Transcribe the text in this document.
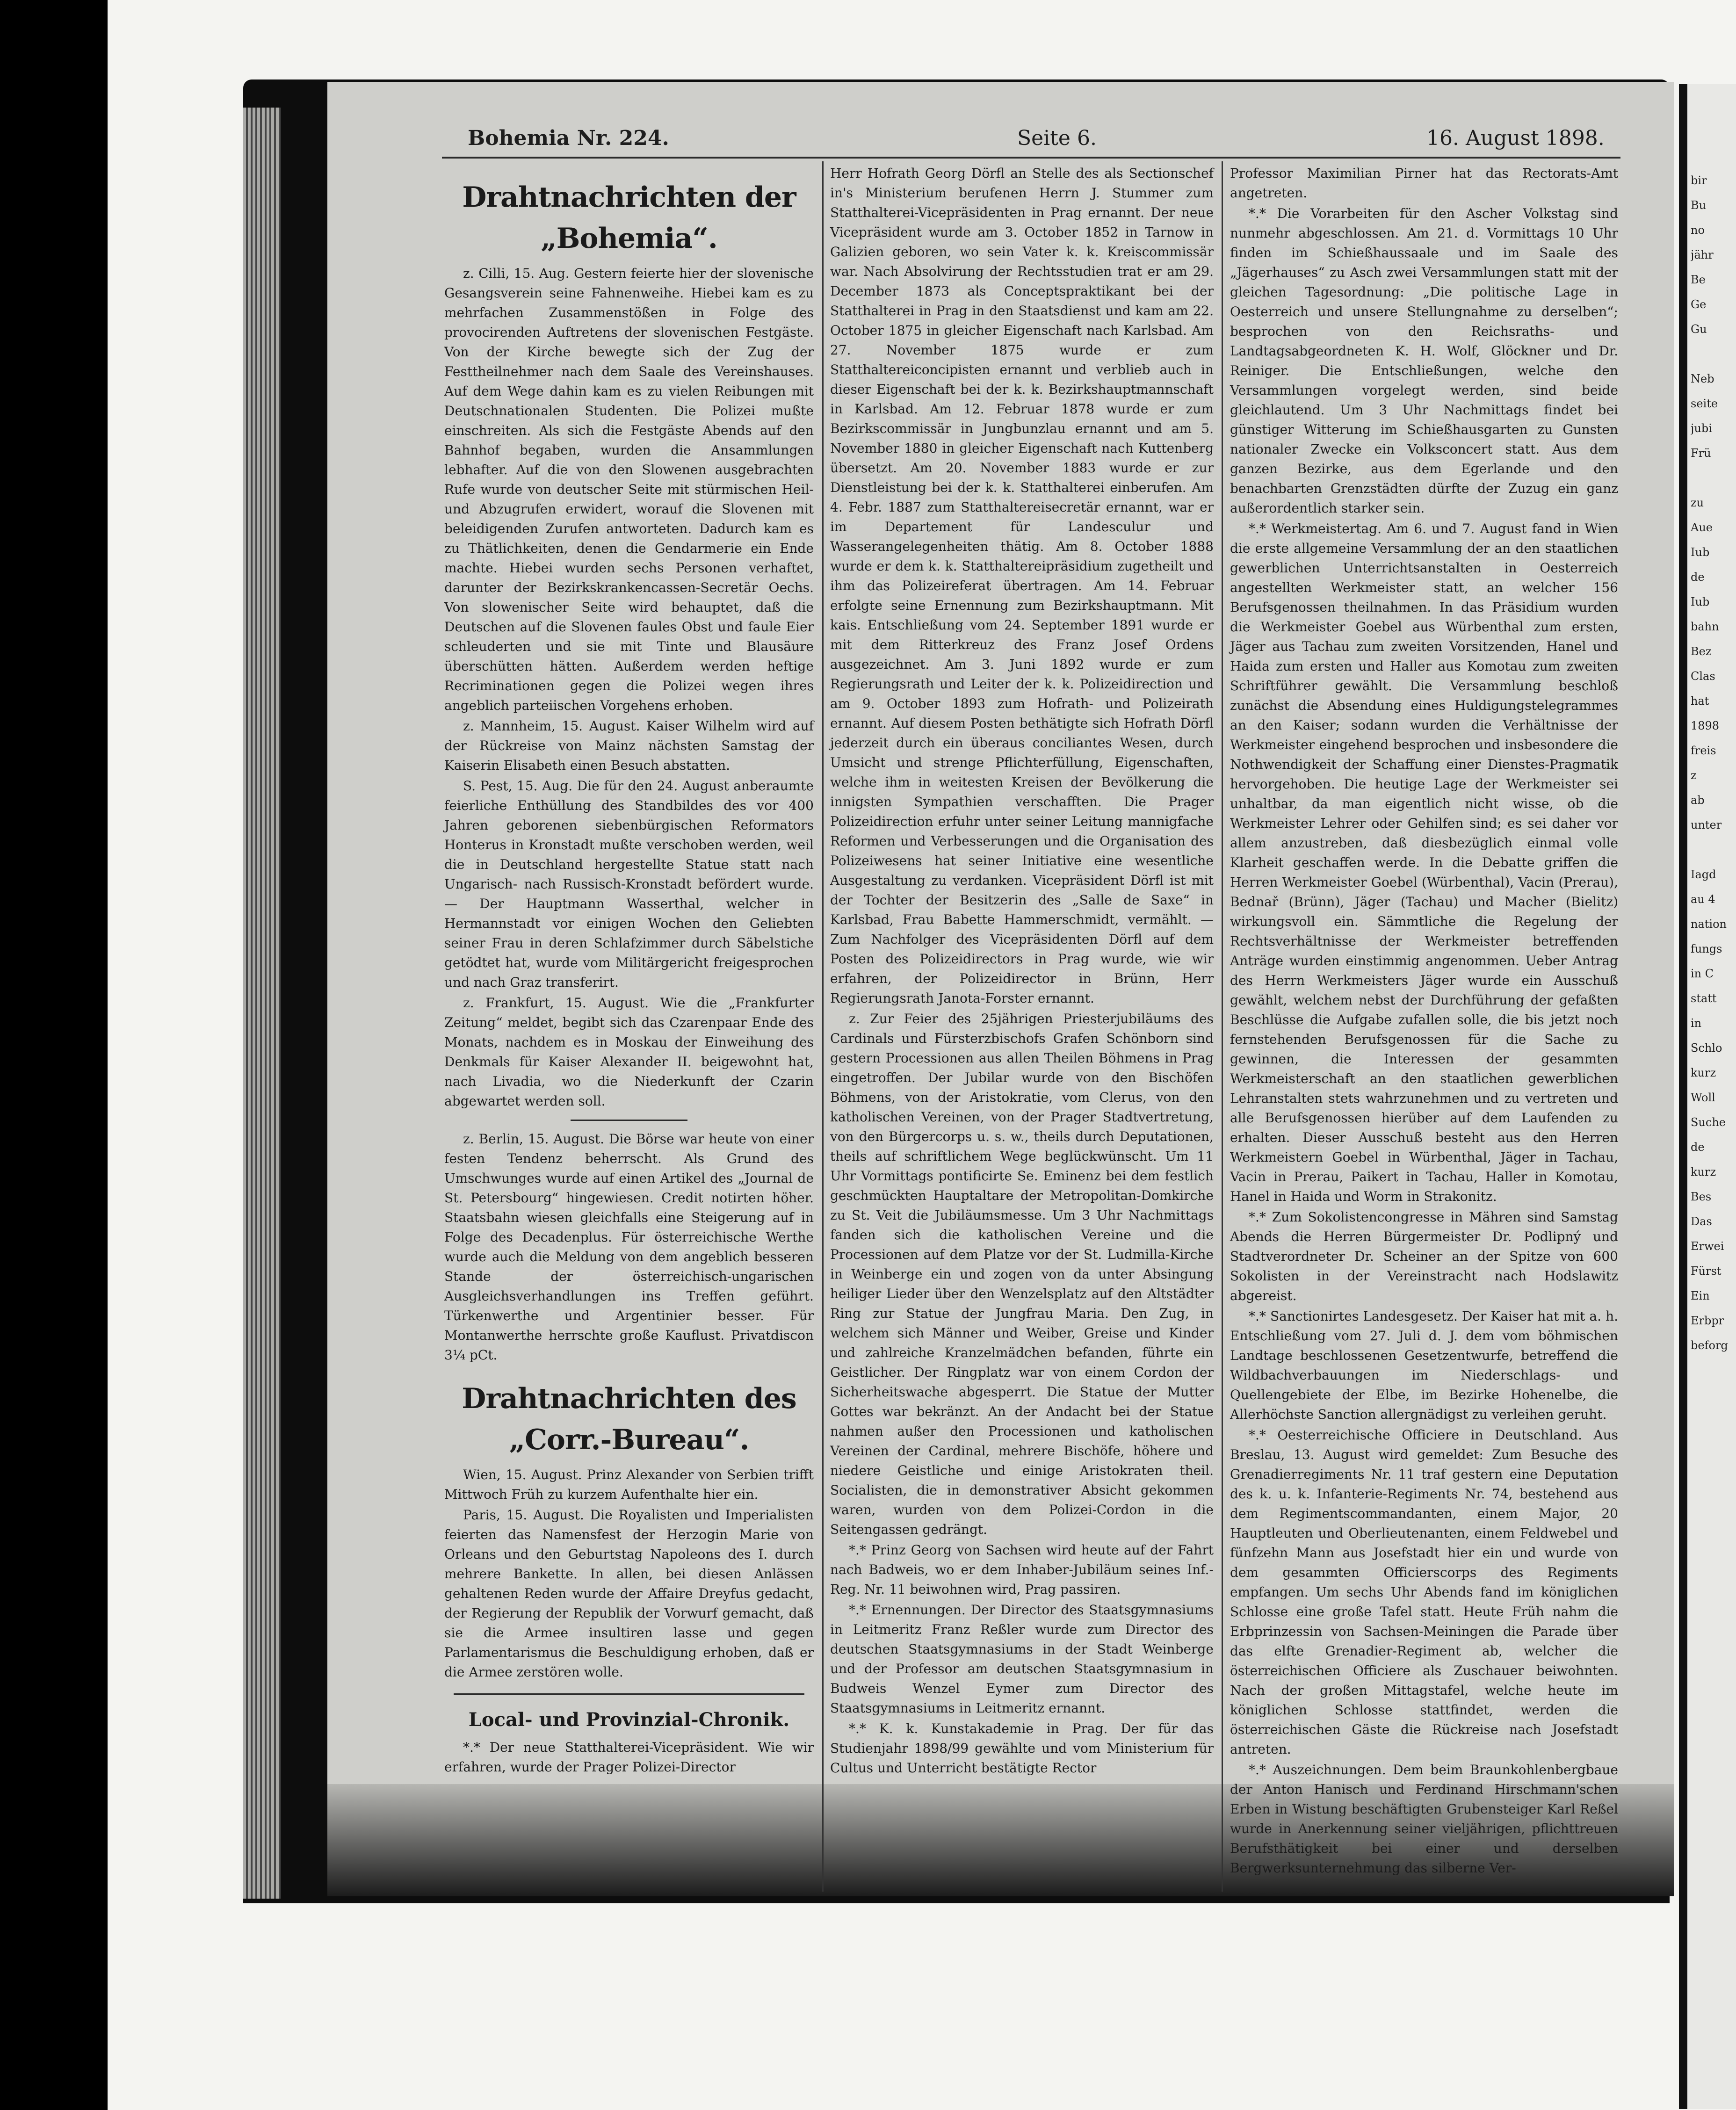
bir
Bu
no
jähr
Be
Ge
Gu

Neb
seite
jubi
Frü

zu
Aue
Iub
de
Iub
bahn
Bez
Clas
hat
1898
freis
z
ab
unter

Iagd
au 4
nation
fungs
in C
statt
in
Schlo
kurz
Woll
Suche
de
kurz
Bes
Das
Erwei
Fürst
Ein
Erbpr
beforg
Bohemia Nr. 224.	Seite 6.	16. August 1898.
Drahtnachrichten der „Bohemia“.

z. Cilli, 15. Aug. Gestern feierte hier der slovenische Gesangsverein seine Fahnenweihe. Hiebei kam es zu mehrfachen Zusammenstößen in Folge des provocirenden Auftretens der slovenischen Festgäste. Von der Kirche bewegte sich der Zug der Festtheilnehmer nach dem Saale des Vereinshauses. Auf dem Wege dahin kam es zu vielen Reibungen mit Deutschnationalen Studenten. Die Polizei mußte einschreiten. Als sich die Festgäste Abends auf den Bahnhof begaben, wurden die Ansammlungen lebhafter. Auf die von den Slowenen ausgebrachten Rufe wurde von deutscher Seite mit stürmischen Heil- und Abzugrufen erwidert, worauf die Slovenen mit beleidigenden Zurufen antworteten. Dadurch kam es zu Thätlichkeiten, denen die Gendarmerie ein Ende machte. Hiebei wurden sechs Personen verhaftet, darunter der Bezirkskrankencassen-Secretär Oechs. Von slowenischer Seite wird behauptet, daß die Deutschen auf die Slovenen faules Obst und faule Eier schleuderten und sie mit Tinte und Blausäure überschütten hätten. Außerdem werden heftige Recriminationen gegen die Polizei wegen ihres angeblich parteiischen Vorgehens erhoben.

z. Mannheim, 15. August. Kaiser Wilhelm wird auf der Rückreise von Mainz nächsten Samstag der Kaiserin Elisabeth einen Besuch abstatten.

S. Pest, 15. Aug. Die für den 24. August anberaumte feierliche Enthüllung des Standbildes des vor 400 Jahren geborenen siebenbürgischen Reformators Honterus in Kronstadt mußte verschoben werden, weil die in Deutschland hergestellte Statue statt nach Ungarisch- nach Russisch-Kronstadt befördert wurde. — Der Hauptmann Wasserthal, welcher in Hermannstadt vor einigen Wochen den Geliebten seiner Frau in deren Schlafzimmer durch Säbelstiche getödtet hat, wurde vom Militärgericht freigesprochen und nach Graz transferirt.

z. Frankfurt, 15. August. Wie die „Frankfurter Zeitung“ meldet, begibt sich das Czarenpaar Ende des Monats, nachdem es in Moskau der Einweihung des Denkmals für Kaiser Alexander II. beigewohnt hat, nach Livadia, wo die Niederkunft der Czarin abgewartet werden soll.

z. Berlin, 15. August. Die Börse war heute von einer festen Tendenz beherrscht. Als Grund des Umschwunges wurde auf einen Artikel des „Journal de St. Petersbourg“ hingewiesen. Credit notirten höher. Staatsbahn wiesen gleichfalls eine Steigerung auf in Folge des Decadenplus. Für österreichische Werthe wurde auch die Meldung von dem angeblich besseren Stande der österreichisch-ungarischen Ausgleichsverhandlungen ins Treffen geführt. Türkenwerthe und Argentinier besser. Für Montanwerthe herrschte große Kauflust. Privatdiscon 3¼ pCt.

Drahtnachrichten des „Corr.-Bureau“.

Wien, 15. August. Prinz Alexander von Serbien trifft Mittwoch Früh zu kurzem Aufenthalte hier ein.

Paris, 15. August. Die Royalisten und Imperialisten feierten das Namensfest der Herzogin Marie von Orleans und den Geburtstag Napoleons des I. durch mehrere Bankette. In allen, bei diesen Anlässen gehaltenen Reden wurde der Affaire Dreyfus gedacht, der Regierung der Republik der Vorwurf gemacht, daß sie die Armee insultiren lasse und gegen Parlamentarismus die Beschuldigung erhoben, daß er die Armee zerstören wolle.

Local- und Provinzial-Chronik.

*.* Der neue Statthalterei-Vicepräsident. Wie wir erfahren, wurde der Prager Polizei-Director

Herr Hofrath Georg Dörfl an Stelle des als Sectionschef in's Ministerium berufenen Herrn J. Stummer zum Statthalterei-Vicepräsidenten in Prag ernannt. Der neue Vicepräsident wurde am 3. October 1852 in Tarnow in Galizien geboren, wo sein Vater k. k. Kreiscommissär war. Nach Absolvirung der Rechtsstudien trat er am 29. December 1873 als Conceptspraktikant bei der Statthalterei in Prag in den Staatsdienst und kam am 22. October 1875 in gleicher Eigenschaft nach Karlsbad. Am 27. November 1875 wurde er zum Statthaltereiconcipisten ernannt und verblieb auch in dieser Eigenschaft bei der k. k. Bezirkshauptmannschaft in Karlsbad. Am 12. Februar 1878 wurde er zum Bezirkscommissär in Jungbunzlau ernannt und am 5. November 1880 in gleicher Eigenschaft nach Kuttenberg übersetzt. Am 20. November 1883 wurde er zur Dienstleistung bei der k. k. Statthalterei einberufen. Am 4. Febr. 1887 zum Statthaltereisecretär ernannt, war er im Departement für Landesculur und Wasserangelegenheiten thätig. Am 8. October 1888 wurde er dem k. k. Statthaltereipräsidium zugetheilt und ihm das Polizeireferat übertragen. Am 14. Februar erfolgte seine Ernennung zum Bezirkshauptmann. Mit kais. Entschließung vom 24. September 1891 wurde er mit dem Ritterkreuz des Franz Josef Ordens ausgezeichnet. Am 3. Juni 1892 wurde er zum Regierungsrath und Leiter der k. k. Polizeidirection und am 9. October 1893 zum Hofrath- und Polizeirath ernannt. Auf diesem Posten bethätigte sich Hofrath Dörfl jederzeit durch ein überaus conciliantes Wesen, durch Umsicht und strenge Pflichterfüllung, Eigenschaften, welche ihm in weitesten Kreisen der Bevölkerung die innigsten Sympathien verschafften. Die Prager Polizeidirection erfuhr unter seiner Leitung mannigfache Reformen und Verbesserungen und die Organisation des Polizeiwesens hat seiner Initiative eine wesentliche Ausgestaltung zu verdanken. Vicepräsident Dörfl ist mit der Tochter der Besitzerin des „Salle de Saxe“ in Karlsbad, Frau Babette Hammerschmidt, vermählt. — Zum Nachfolger des Vicepräsidenten Dörfl auf dem Posten des Polizeidirectors in Prag wurde, wie wir erfahren, der Polizeidirector in Brünn, Herr Regierungsrath Janota-Forster ernannt.

z. Zur Feier des 25jährigen Priesterjubiläums des Cardinals und Fürsterzbischofs Grafen Schönborn sind gestern Processionen aus allen Theilen Böhmens in Prag eingetroffen. Der Jubilar wurde von den Bischöfen Böhmens, von der Aristokratie, vom Clerus, von den katholischen Vereinen, von der Prager Stadtvertretung, von den Bürgercorps u. s. w., theils durch Deputationen, theils auf schriftlichem Wege beglückwünscht. Um 11 Uhr Vormittags pontificirte Se. Eminenz bei dem festlich geschmückten Hauptaltare der Metropolitan-Domkirche zu St. Veit die Jubiläumsmesse. Um 3 Uhr Nachmittags fanden sich die katholischen Vereine und die Processionen auf dem Platze vor der St. Ludmilla-Kirche in Weinberge ein und zogen von da unter Absingung heiliger Lieder über den Wenzelsplatz auf den Altstädter Ring zur Statue der Jungfrau Maria. Den Zug, in welchem sich Männer und Weiber, Greise und Kinder und zahlreiche Kranzelmädchen befanden, führte ein Geistlicher. Der Ringplatz war von einem Cordon der Sicherheitswache abgesperrt. Die Statue der Mutter Gottes war bekränzt. An der Andacht bei der Statue nahmen außer den Processionen und katholischen Vereinen der Cardinal, mehrere Bischöfe, höhere und niedere Geistliche und einige Aristokraten theil. Socialisten, die in demonstrativer Absicht gekommen waren, wurden von dem Polizei-Cordon in die Seitengassen gedrängt.

*.* Prinz Georg von Sachsen wird heute auf der Fahrt nach Badweis, wo er dem Inhaber-Jubiläum seines Inf.-Reg. Nr. 11 beiwohnen wird, Prag passiren.

*.* Ernennungen. Der Director des Staatsgymnasiums in Leitmeritz Franz Reßler wurde zum Director des deutschen Staatsgymnasiums in der Stadt Weinberge und der Professor am deutschen Staatsgymnasium in Budweis Wenzel Eymer zum Director des Staatsgymnasiums in Leitmeritz ernannt.

*.* K. k. Kunstakademie in Prag. Der für das Studienjahr 1898/99 gewählte und vom Ministerium für Cultus und Unterricht bestätigte Rector

Professor Maximilian Pirner hat das Rectorats-Amt angetreten.

*.* Die Vorarbeiten für den Ascher Volkstag sind nunmehr abgeschlossen. Am 21. d. Vormittags 10 Uhr finden im Schießhaussaale und im Saale des „Jägerhauses“ zu Asch zwei Versammlungen statt mit der gleichen Tagesordnung: „Die politische Lage in Oesterreich und unsere Stellungnahme zu derselben“; besprochen von den Reichsraths- und Landtagsabgeordneten K. H. Wolf, Glöckner und Dr. Reiniger. Die Entschließungen, welche den Versammlungen vorgelegt werden, sind beide gleichlautend. Um 3 Uhr Nachmittags findet bei günstiger Witterung im Schießhausgarten zu Gunsten nationaler Zwecke ein Volksconcert statt. Aus dem ganzen Bezirke, aus dem Egerlande und den benachbarten Grenzstädten dürfte der Zuzug ein ganz außerordentlich starker sein.

*.* Werkmeistertag. Am 6. und 7. August fand in Wien die erste allgemeine Versammlung der an den staatlichen gewerblichen Unterrichtsanstalten in Oesterreich angestellten Werkmeister statt, an welcher 156 Berufsgenossen theilnahmen. In das Präsidium wurden die Werkmeister Goebel aus Würbenthal zum ersten, Jäger aus Tachau zum zweiten Vorsitzenden, Hanel und Haida zum ersten und Haller aus Komotau zum zweiten Schriftführer gewählt. Die Versammlung beschloß zunächst die Absendung eines Huldigungstelegrammes an den Kaiser; sodann wurden die Verhältnisse der Werkmeister eingehend besprochen und insbesondere die Nothwendigkeit der Schaffung einer Dienstes-Pragmatik hervorgehoben. Die heutige Lage der Werkmeister sei unhaltbar, da man eigentlich nicht wisse, ob die Werkmeister Lehrer oder Gehilfen sind; es sei daher vor allem anzustreben, daß diesbezüglich einmal volle Klarheit geschaffen werde. In die Debatte griffen die Herren Werkmeister Goebel (Würbenthal), Vacin (Prerau), Bednař (Brünn), Jäger (Tachau) und Macher (Bielitz) wirkungsvoll ein. Sämmtliche die Regelung der Rechtsverhältnisse der Werkmeister betreffenden Anträge wurden einstimmig angenommen. Ueber Antrag des Herrn Werkmeisters Jäger wurde ein Ausschuß gewählt, welchem nebst der Durchführung der gefaßten Beschlüsse die Aufgabe zufallen solle, die bis jetzt noch fernstehenden Berufsgenossen für die Sache zu gewinnen, die Interessen der gesammten Werkmeisterschaft an den staatlichen gewerblichen Lehranstalten stets wahrzunehmen und zu vertreten und alle Berufsgenossen hierüber auf dem Laufenden zu erhalten. Dieser Ausschuß besteht aus den Herren Werkmeistern Goebel in Würbenthal, Jäger in Tachau, Vacin in Prerau, Paikert in Tachau, Haller in Komotau, Hanel in Haida und Worm in Strakonitz.

*.* Zum Sokolistencongresse in Mähren sind Samstag Abends die Herren Bürgermeister Dr. Podlipný und Stadtverordneter Dr. Scheiner an der Spitze von 600 Sokolisten in der Vereinstracht nach Hodslawitz abgereist.

*.* Sanctionirtes Landesgesetz. Der Kaiser hat mit a. h. Entschließung vom 27. Juli d. J. dem vom böhmischen Landtage beschlossenen Gesetzentwurfe, betreffend die Wildbachverbauungen im Niederschlags- und Quellengebiete der Elbe, im Bezirke Hohenelbe, die Allerhöchste Sanction allergnädigst zu verleihen geruht.

*.* Oesterreichische Officiere in Deutschland. Aus Breslau, 13. August wird gemeldet: Zum Besuche des Grenadierregiments Nr. 11 traf gestern eine Deputation des k. u. k. Infanterie-Regiments Nr. 74, bestehend aus dem Regimentscommandanten, einem Major, 20 Hauptleuten und Oberlieutenanten, einem Feldwebel und fünfzehn Mann aus Josefstadt hier ein und wurde von dem gesammten Officierscorps des Regiments empfangen. Um sechs Uhr Abends fand im königlichen Schlosse eine große Tafel statt. Heute Früh nahm die Erbprinzessin von Sachsen-Meiningen die Parade über das elfte Grenadier-Regiment ab, welcher die österreichischen Officiere als Zuschauer beiwohnten. Nach der großen Mittagstafel, welche heute im königlichen Schlosse stattfindet, werden die österreichischen Gäste die Rückreise nach Josefstadt antreten.

*.* Auszeichnungen. Dem beim Braunkohlenbergbaue der Anton Hanisch und Ferdinand Hirschmann'schen Erben in Wistung beschäftigten Grubensteiger Karl Reßel wurde in Anerkennung seiner vieljährigen, pflichttreuen Berufsthätigkeit bei einer und derselben Bergwerksunternehmung das silberne Ver-
